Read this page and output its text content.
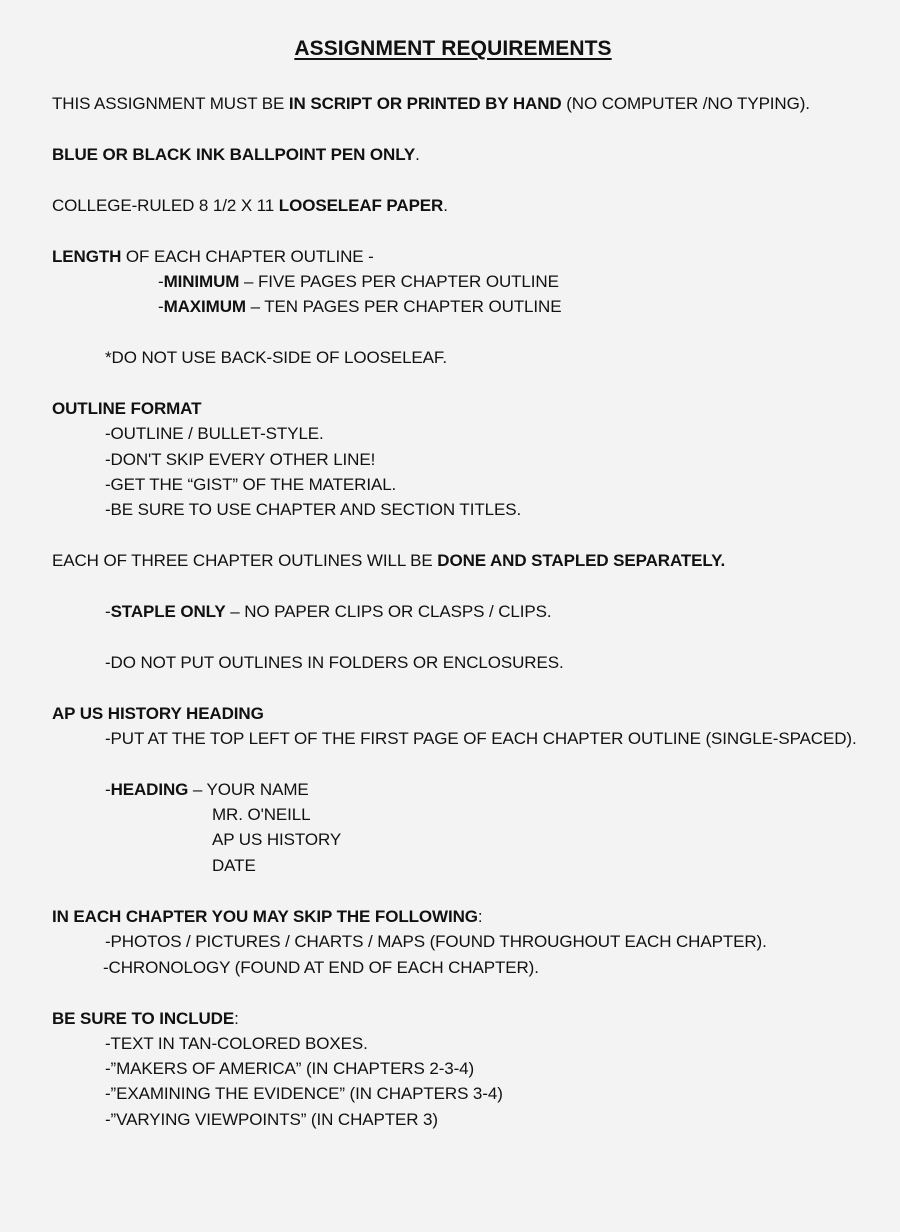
ASSIGNMENT REQUIREMENTS
THIS ASSIGNMENT MUST BE IN SCRIPT OR PRINTED BY HAND (NO COMPUTER /NO TYPING).
BLUE OR BLACK INK BALLPOINT PEN ONLY.
COLLEGE-RULED 8 1/2 X 11 LOOSELEAF PAPER.
LENGTH OF EACH CHAPTER OUTLINE -
-MINIMUM – FIVE PAGES PER CHAPTER OUTLINE
-MAXIMUM – TEN PAGES PER CHAPTER OUTLINE
*DO NOT USE BACK-SIDE OF LOOSELEAF.
OUTLINE FORMAT
-OUTLINE / BULLET-STYLE.
-DON'T SKIP EVERY OTHER LINE!
-GET THE “GIST” OF THE MATERIAL.
-BE SURE TO USE CHAPTER AND SECTION TITLES.
EACH OF THREE CHAPTER OUTLINES WILL BE DONE AND STAPLED SEPARATELY.
-STAPLE ONLY – NO PAPER CLIPS OR CLASPS / CLIPS.
-DO NOT PUT OUTLINES IN FOLDERS OR ENCLOSURES.
AP US HISTORY HEADING
-PUT AT THE TOP LEFT OF THE FIRST PAGE OF EACH CHAPTER OUTLINE (SINGLE-SPACED).
-HEADING – YOUR NAME
MR. O'NEILL
AP US HISTORY
DATE
IN EACH CHAPTER YOU MAY SKIP THE FOLLOWING:
-PHOTOS / PICTURES / CHARTS / MAPS (FOUND THROUGHOUT EACH CHAPTER).
-CHRONOLOGY (FOUND AT END OF EACH CHAPTER).
BE SURE TO INCLUDE:
-TEXT IN TAN-COLORED BOXES.
-”MAKERS OF AMERICA” (IN CHAPTERS 2-3-4)
-”EXAMINING THE EVIDENCE” (IN CHAPTERS 3-4)
-”VARYING VIEWPOINTS” (IN CHAPTER 3)
